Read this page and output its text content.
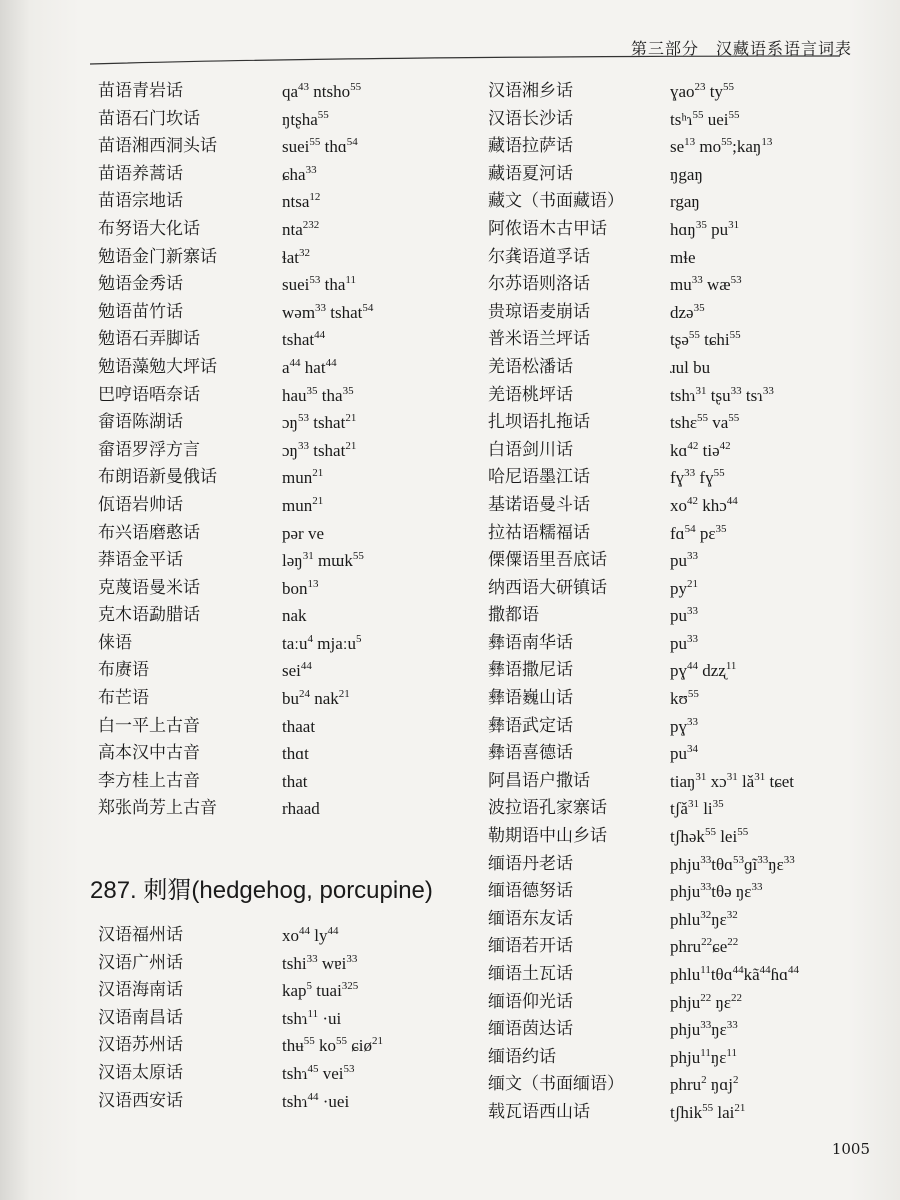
第三部分　汉藏语系语言词表
苗语青岩话	$qa^{43}$ ntsho$^{55}$
苗语石门坎话	ŋtʂha$^{55}$
苗语湘西洞头话	suei$^{55}$ thɑ$^{54}$
苗语养蒿话	ɕha$^{33}$
苗语宗地话	ntsa$^{12}$
布努语大化话	nta$^{232}$
勉语金门新寨话	ɬat$^{32}$
勉语金秀话	suei$^{53}$ tha$^{11}$
勉语苗竹话	wəm$^{33}$ tshat$^{54}$
勉语石弄脚话	tshat$^{44}$
勉语藻勉大坪话	$a^{44}$ hat$^{44}$
巴哼语唔奈话	hau$^{35}$ tha$^{35}$
畲语陈湖话	ɔŋ$^{53}$ tshat$^{21}$
畲语罗浮方言	ɔŋ$^{33}$ tshat$^{21}$
布朗语新曼俄话	mun$^{21}$
佤语岩帅话	mun$^{21}$
布兴语磨憨话	pər ve
莽语金平话	ləŋ$^{31}$ mɯk$^{55}$
克蔑语曼米话	bon$^{13}$
克木语勐腊话	nak
俫语	taːu$^4$ mjaːu$^5$
布赓语	sei$^{44}$
布芒语	$bu^{24}$ nak$^{21}$
白一平上古音	thaat
高本汉中古音	thɑt
李方桂上古音	that
郑张尚芳上古音	rhaad
汉语湘乡话	ɣao$^{23}$ $ty^{55}$
汉语长沙话	tsʰɿ$^{55}$ uei$^{55}$
藏语拉萨话	$se^{13}$ $mo^{55};kaŋ^{13}$
藏语夏河话	ŋgaŋ
藏文（书面藏语）	rgaŋ
阿侬语木古甲话	hɑŋ$^{35}$ $pu^{31}$
尔龚语道孚话	mɬe
尔苏语则洛话	$mu^{33}$ $wæ^{53}$
贵琼语麦崩话	dzə$^{35}$
普米语兰坪话	tʂə$^{55}$ tɕhi$^{55}$
羌语松潘话	ɹul bu
羌语桃坪话	tshɿ$^{31}$ tʂu$^{33}$ tsɿ$^{33}$
扎坝语扎拖话	tshɛ$^{55}$ $va^{55}$
白语剑川话	kɑ$^{42}$ tiə$^{42}$
哈尼语墨江话	fɣ$^{33}$ fɣ$^{55}$
基诺语曼斗话	$xo^{42}$ khɔ$^{44}$
拉祜语糯福话	fɑ$^{54}$ pɛ$^{35}$
傈僳语里吾底话	$pu^{33}$
纳西语大研镇话	$py^{21}$
撒都语	$pu^{33}$
彝语南华话	$pu^{33}$
彝语撒尼话	pɣ$^{44}$ dzʐ$^{11}$
彝语巍山话	kʊ$^{55}$
彝语武定话	pɣ$^{33}$
彝语喜德话	$pu^{34}$
阿昌语户撒话	tiaŋ$^{31}$ xɔ$^{31}$ $lǎ^{31}$ tɕet
波拉语孔家寨话	tʃǎ$^{31}$ $li^{35}$
勒期语中山乡话	tʃhək$^{55}$ lei$^{55}$
缅语丹老话	phju$^{33}$tθɑ$^{53}$ɡĩ$^{33}$ŋɛ$^{33}$
缅语德努话	phju$^{33}$tθə ŋɛ$^{33}$
缅语东友话	phlu$^{32}$ŋɛ$^{32}$
缅语若开话	phru$^{22}$ɕe$^{22}$
缅语土瓦话	$phlu^{11}t\theta ɑ^{44}kã^{44}ɦɑ^{44}$
缅语仰光话	phju$^{22}$ ŋɛ$^{22}$
缅语茵达话	phju$^{33}$ŋɛ$^{33}$
缅语约话	phju$^{11}$ŋɛ$^{11}$
缅文（书面缅语）	phru$^2$ ŋɑj$^2$
载瓦语西山话	tʃhik$^{55}$ lai$^{21}$
287. 刺猬(hedgehog, porcupine)
汉语福州话	$xo^{44}$ $ly^{44}$
汉语广州话	tshi$^{33}$ wɐi$^{33}$
汉语海南话	kap$^5$ tuai$^{325}$
汉语南昌话	tshɿ$^{11}$ ·ui
汉语苏州话	thʉ$^{55}$ $ko^{55}$ ɕiø$^{21}$
汉语太原话	tshɿ$^{45}$ vei$^{53}$
汉语西安话	tshɿ$^{44}$ ·uei
1005
